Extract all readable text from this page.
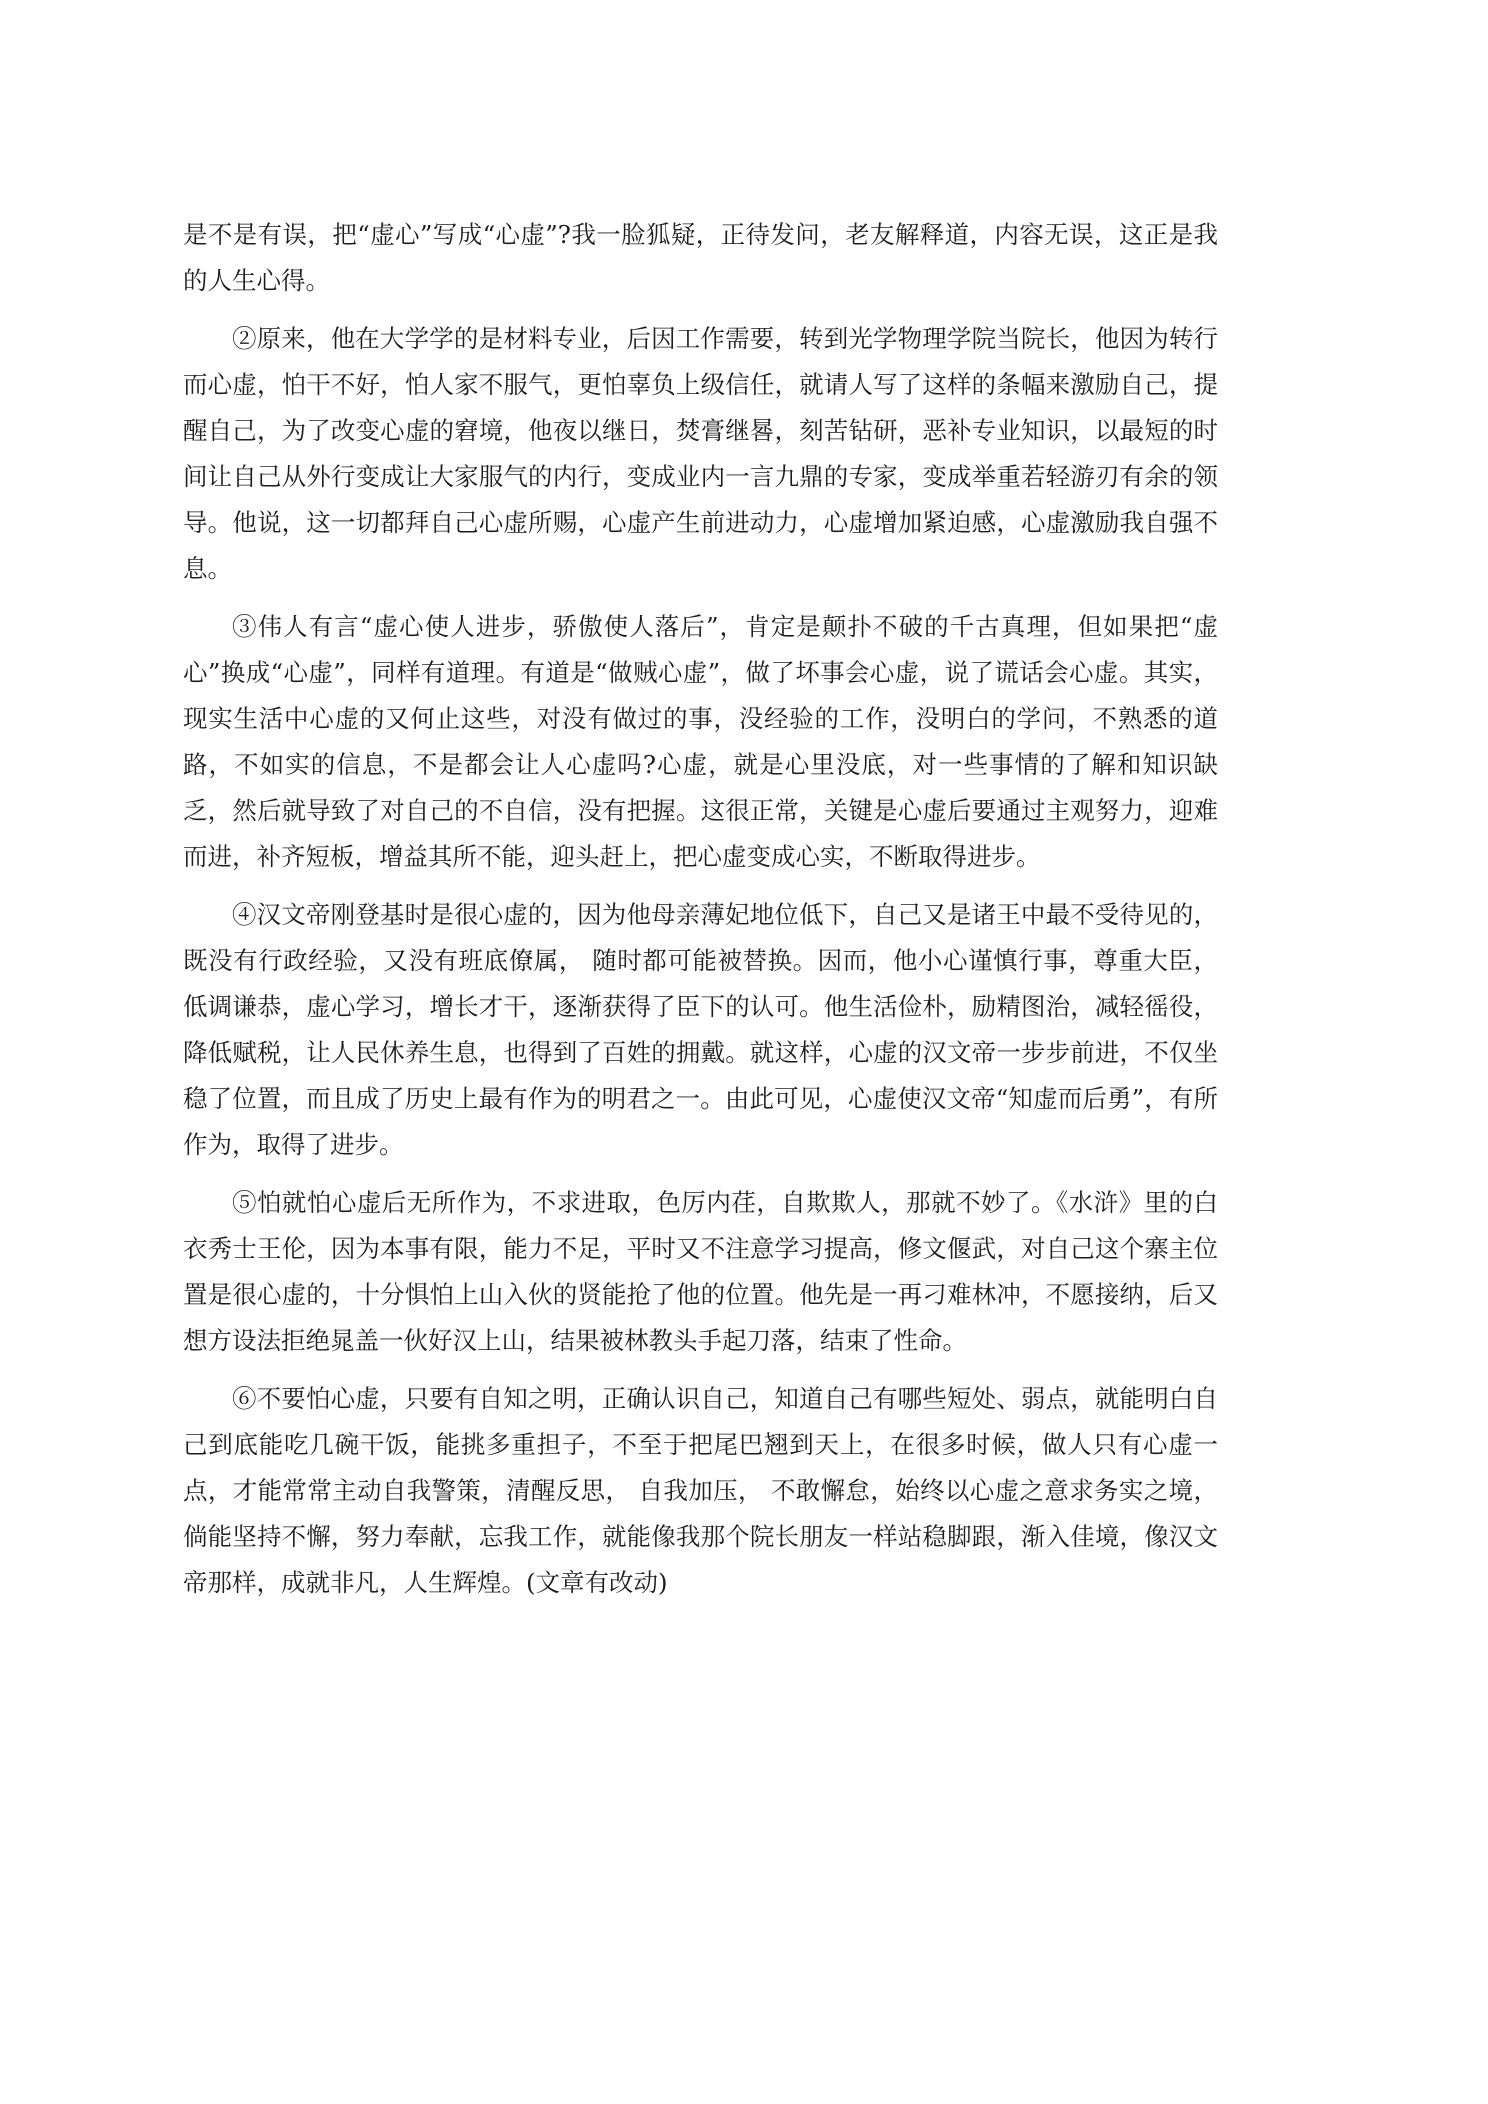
是不是有误，把“虚心”写成“心虚”?我一脸狐疑，正待发问，老友解释道，内容无误，这正是我的人生心得。

②原来，他在大学学的是材料专业，后因工作需要，转到光学物理学院当院长，他因为转行而心虚，怕干不好，怕人家不服气，更怕辜负上级信任，就请人写了这样的条幅来激励自己，提醒自己，为了改变心虚的窘境，他夜以继日，焚膏继晷，刻苦钻研，恶补专业知识，以最短的时间让自己从外行变成让大家服气的内行，变成业内一言九鼎的专家，变成举重若轻游刃有余的领导。他说，这一切都拜自己心虚所赐，心虚产生前进动力，心虚增加紧迫感，心虚激励我自强不息。

③伟人有言“虚心使人进步，骄傲使人落后”，肯定是颠扑不破的千古真理，但如果把“虚心”换成“心虚”，同样有道理。有道是“做贼心虚”，做了坏事会心虚，说了谎话会心虚。其实，现实生活中心虚的又何止这些，对没有做过的事，没经验的工作，没明白的学问，不熟悉的道路，不如实的信息，不是都会让人心虚吗?心虚，就是心里没底，对一些事情的了解和知识缺乏，然后就导致了对自己的不自信，没有把握。这很正常，关键是心虚后要通过主观努力，迎难而进，补齐短板，增益其所不能，迎头赶上，把心虚变成心实，不断取得进步。

④汉文帝刚登基时是很心虚的，因为他母亲薄妃地位低下，自己又是诸王中最不受待见的，既没有行政经验，又没有班底僚属， 随时都可能被替换。因而，他小心谨慎行事，尊重大臣，低调谦恭，虚心学习，增长才干，逐渐获得了臣下的认可。他生活俭朴，励精图治，减轻徭役，降低赋税，让人民休养生息，也得到了百姓的拥戴。就这样，心虚的汉文帝一步步前进，不仅坐稳了位置，而且成了历史上最有作为的明君之一。由此可见，心虚使汉文帝“知虚而后勇”，有所作为，取得了进步。

⑤怕就怕心虚后无所作为，不求进取，色厉内荏，自欺欺人，那就不妙了。《水浒》里的白衣秀士王伦，因为本事有限，能力不足，平时又不注意学习提高，修文偃武，对自己这个寨主位置是很心虚的，十分惧怕上山入伙的贤能抢了他的位置。他先是一再刁难林冲，不愿接纳，后又想方设法拒绝晁盖一伙好汉上山，结果被林教头手起刀落，结束了性命。

⑥不要怕心虚，只要有自知之明，正确认识自己，知道自己有哪些短处、弱点，就能明白自己到底能吃几碗干饭，能挑多重担子，不至于把尾巴翘到天上，在很多时候，做人只有心虚一点，才能常常主动自我警策，清醒反思， 自我加压， 不敢懈怠，始终以心虚之意求务实之境，倘能坚持不懈，努力奉献，忘我工作，就能像我那个院长朋友一样站稳脚跟，渐入佳境，像汉文帝那样，成就非凡，人生辉煌。(文章有改动)
